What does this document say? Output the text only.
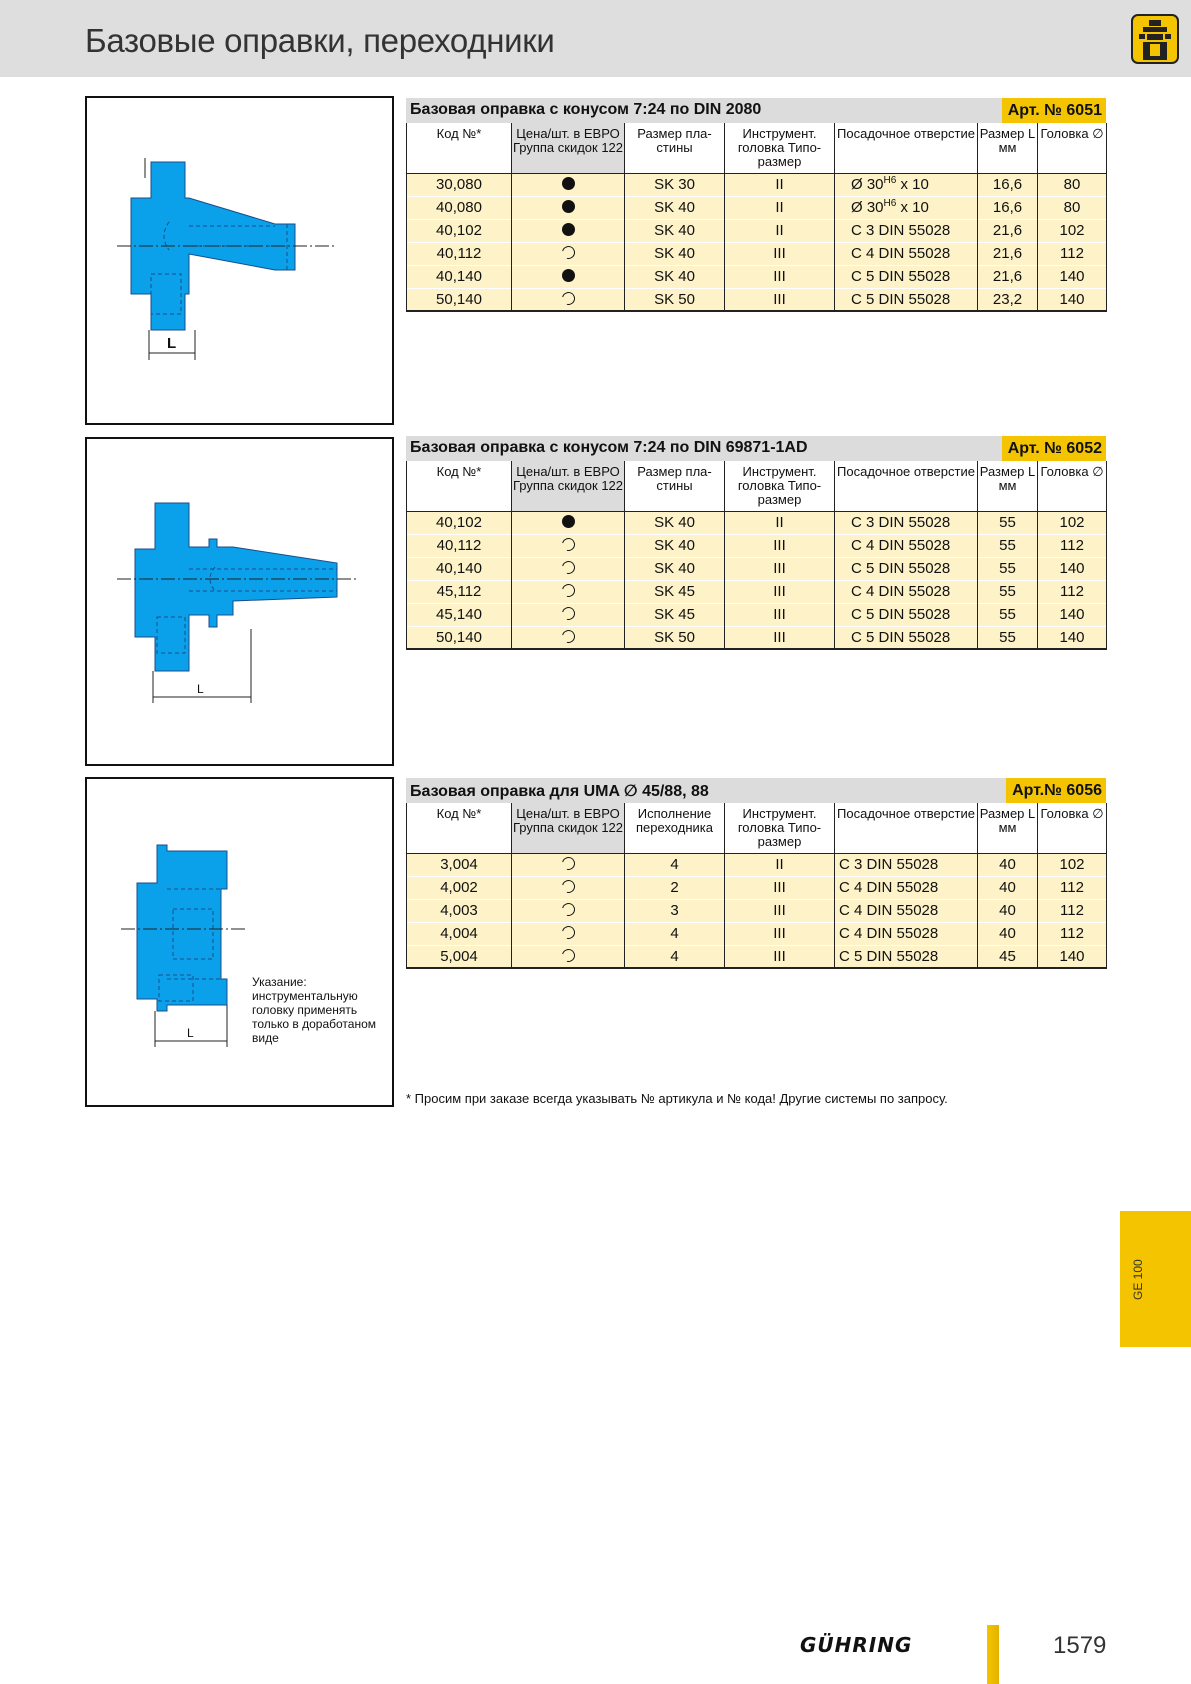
Базовые оправки, переходники
L
L
L
Указание: инструментальную головку применять только в доработаном виде
Базовая оправка с конусом 7:24 по DIN 2080	Арт. № 6051
Код №*	Цена/шт. в ЕВРО Группа скидок 122	Размер пла-стины	Инструмент. головка Типо-размер	Посадочное отверстие	Размер L мм	Головка ∅
30,080		SK 30	II	Ø $30^{H6}$ x 10	16,6	80
40,080		SK 40	II	Ø $30^{H6}$ x 10	16,6	80
40,102		SK 40	II	C 3 DIN 55028	21,6	102
40,112		SK 40	III	C 4 DIN 55028	21,6	112
40,140		SK 40	III	C 5 DIN 55028	21,6	140
50,140		SK 50	III	C 5 DIN 55028	23,2	140
Базовая оправка с конусом 7:24 по DIN 69871-1AD	Арт. № 6052
Код №*	Цена/шт. в ЕВРО Группа скидок 122	Размер пла-стины	Инструмент. головка Типо-размер	Посадочное отверстие	Размер L мм	Головка ∅
40,102		SK 40	II	C 3 DIN 55028	55	102
40,112		SK 40	III	C 4 DIN 55028	55	112
40,140		SK 40	III	C 5 DIN 55028	55	140
45,112		SK 45	III	C 4 DIN 55028	55	112
45,140		SK 45	III	C 5 DIN 55028	55	140
50,140		SK 50	III	C 5 DIN 55028	55	140
Базовая оправка для UMA ∅ 45/88, 88	Арт.№ 6056
Код №*	Цена/шт. в ЕВРО Группа скидок 122	Исполнение переходника	Инструмент. головка Типо-размер	Посадочное отверстие	Размер L мм	Головка ∅
3,004		4	II	C 3 DIN 55028	40	102
4,002		2	III	C 4 DIN 55028	40	112
4,003		3	III	C 4 DIN 55028	40	112
4,004		4	III	C 4 DIN 55028	40	112
5,004		4	III	C 5 DIN 55028	45	140
* Просим при заказе всегда указывать № артикула и № кода! Другие системы по запросу.
GE 100
GÜHRING	1579
